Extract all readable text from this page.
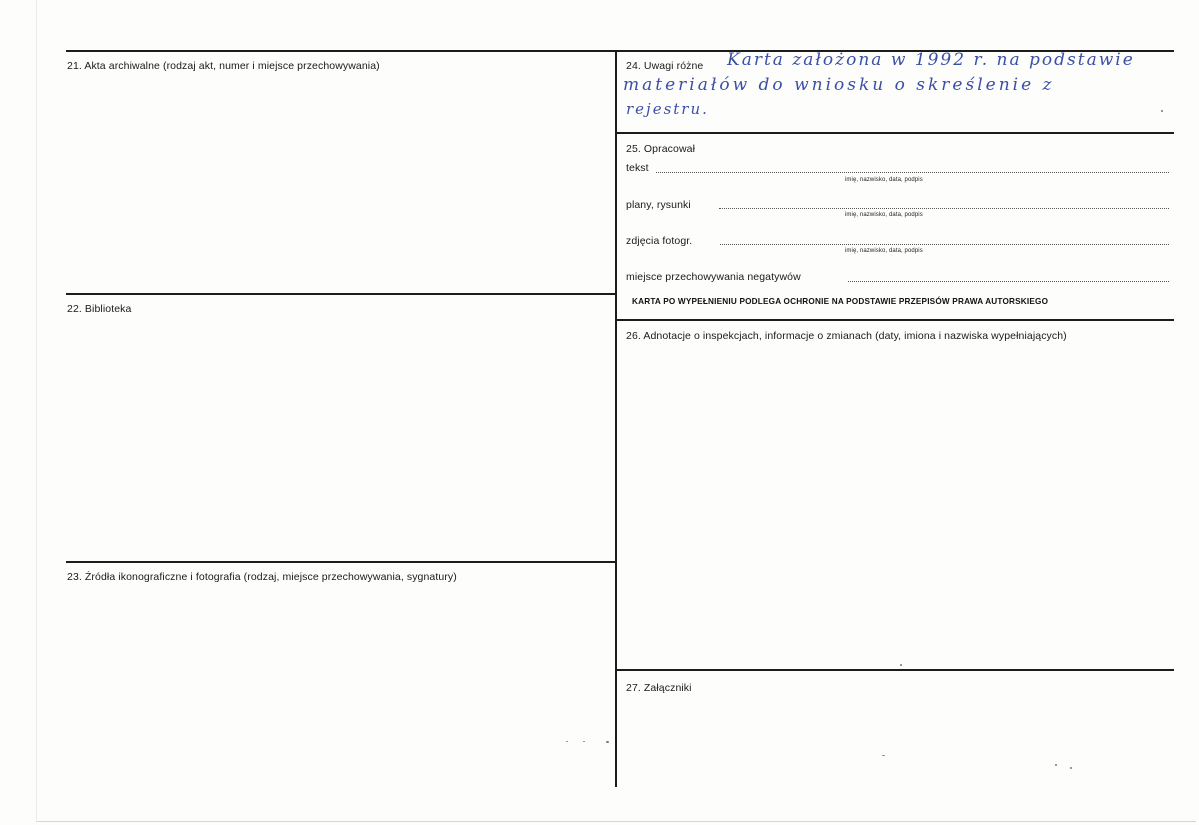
21. Akta archiwalne (rodzaj akt, numer i miejsce przechowywania)
22. Biblioteka
23. Źródła ikonograficzne i fotografia (rodzaj, miejsce przechowywania, sygnatury)
24. Uwagi różne Karta założona w 1992 r. na podstawie
materiałów do wniosku o skreślenie z
rejestru.
25. Opracował
tekst
imię, nazwisko, data, podpis
plany, rysunki
imię, nazwisko, data, podpis
zdjęcia fotogr.
imię, nazwisko, data, podpis
miejsce przechowywania negatywów
KARTA PO WYPEŁNIENIU PODLEGA OCHRONIE NA PODSTAWIE PRZEPISÓW PRAWA AUTORSKIEGO
26. Adnotacje o inspekcjach, informacje o zmianach (daty, imiona i nazwiska wypełniających)
27. Załączniki
